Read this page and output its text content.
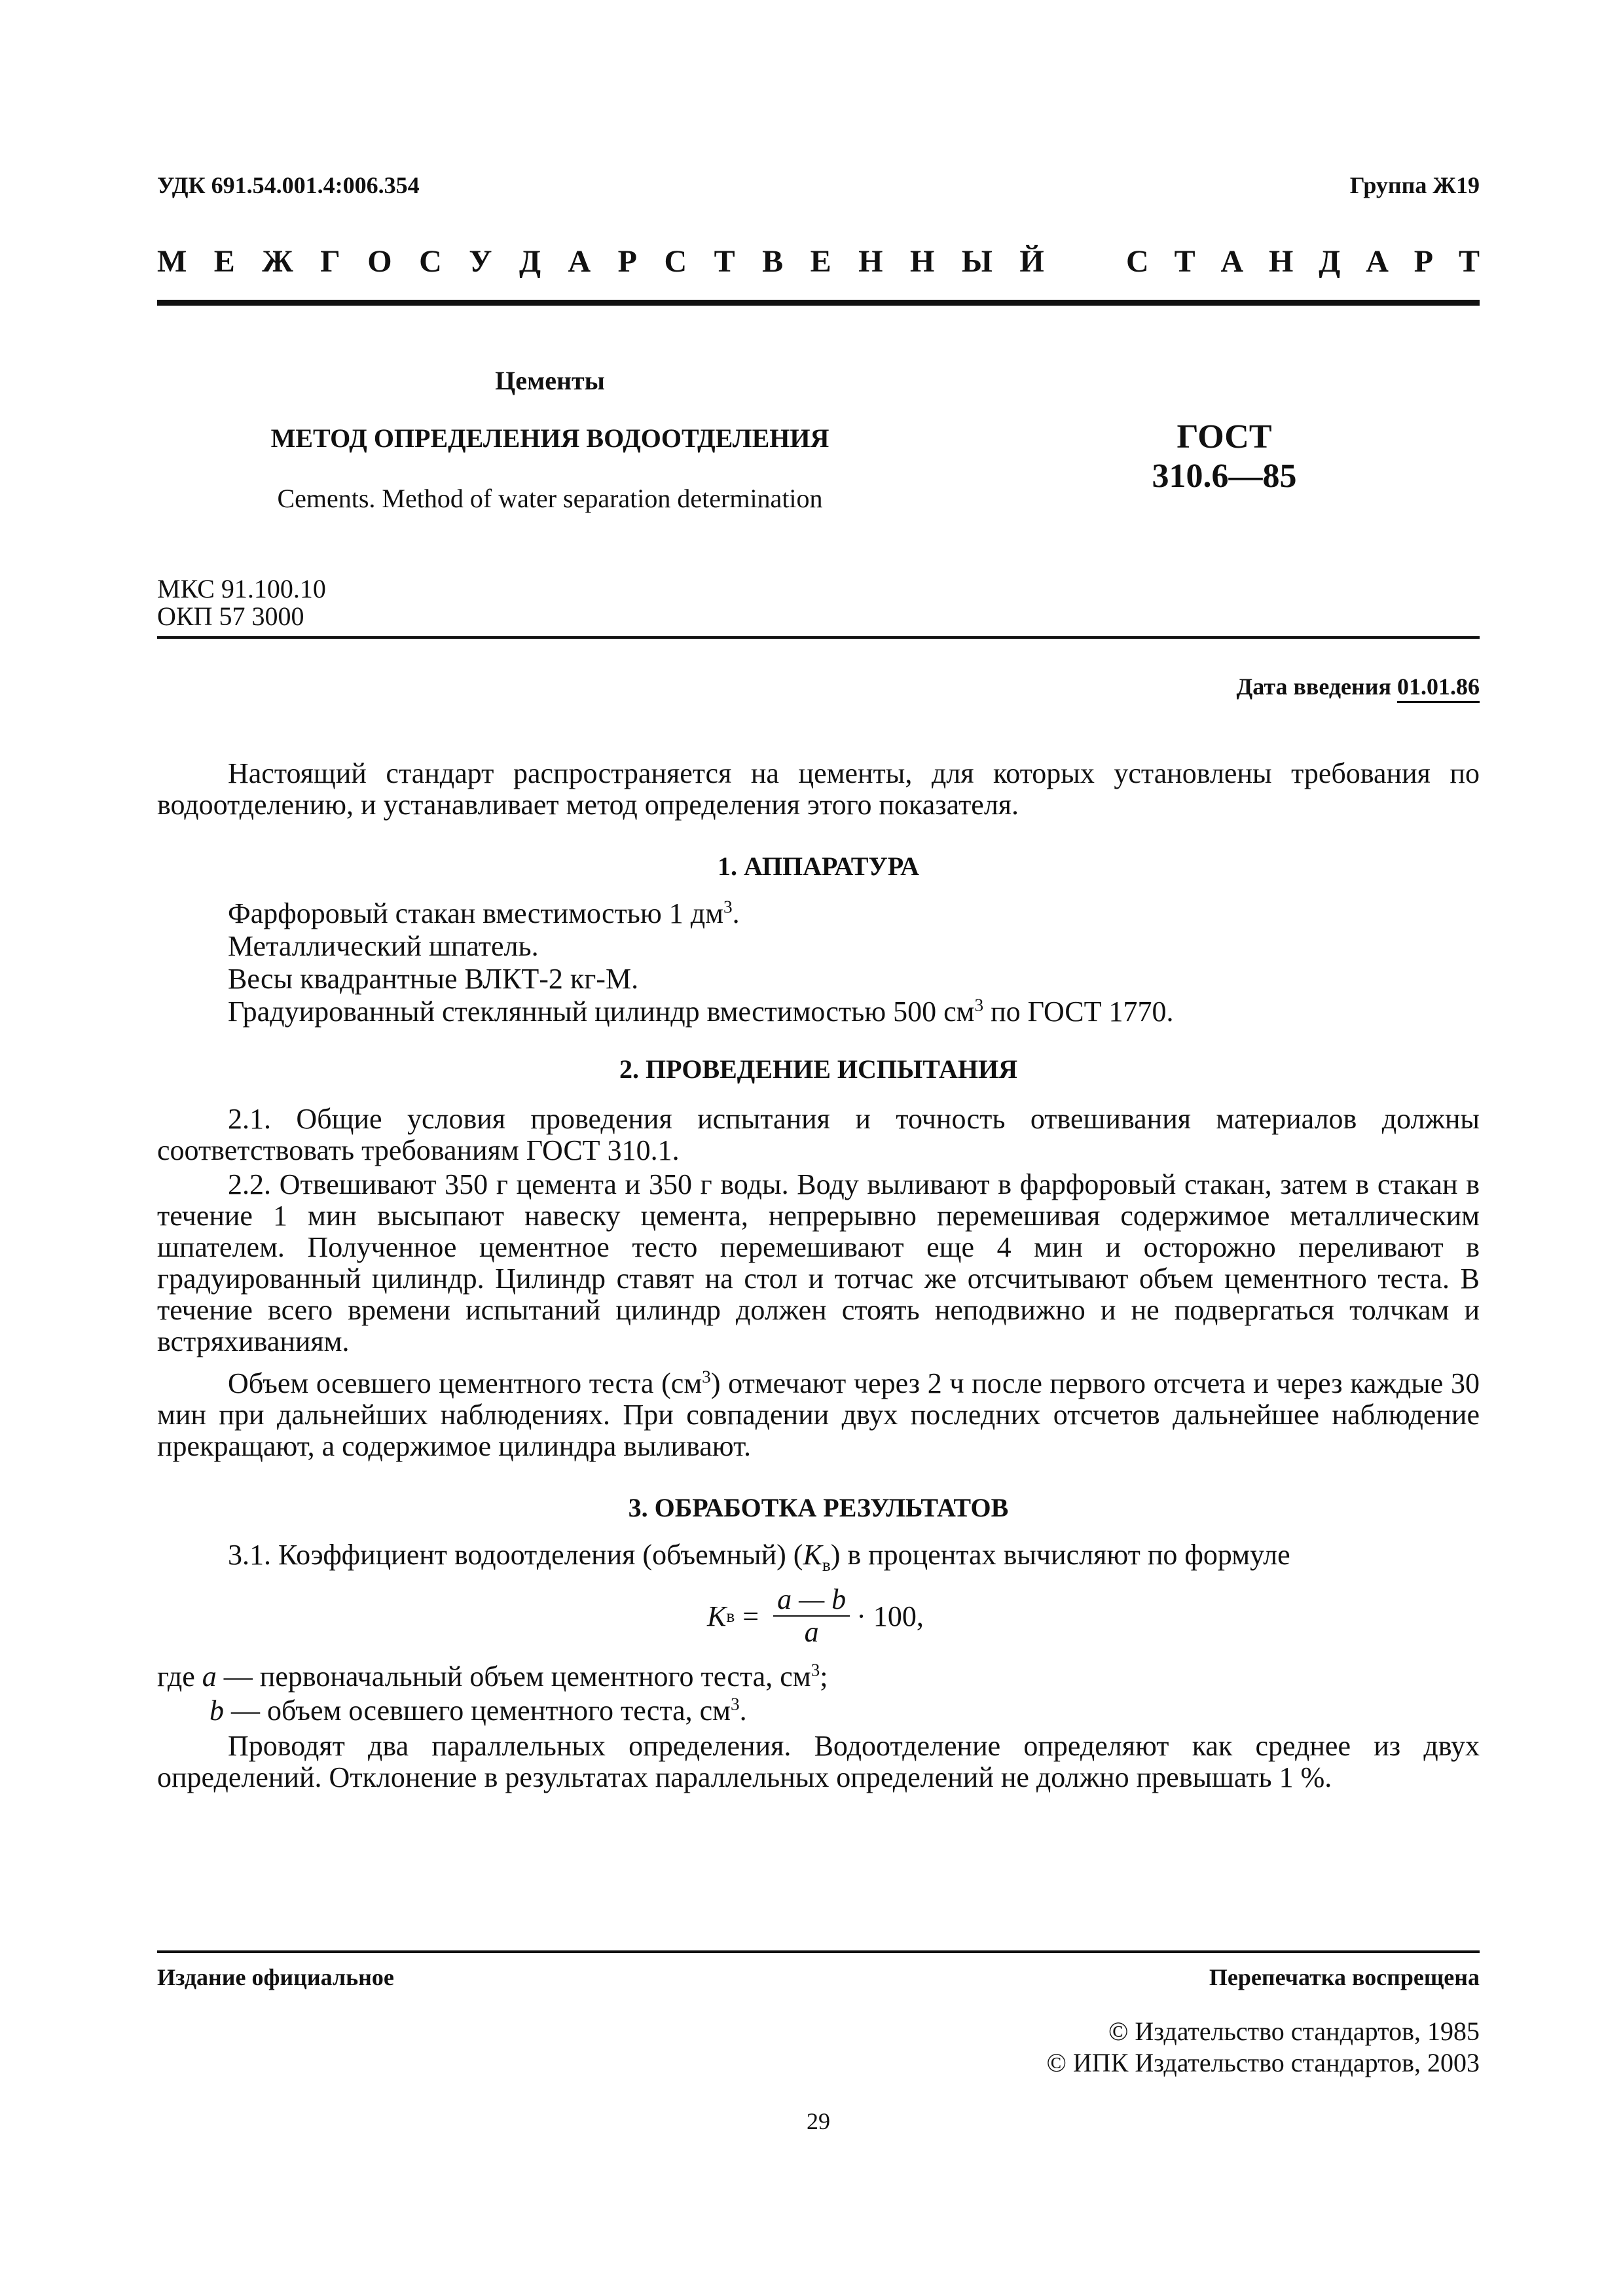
УДК 691.54.001.4:006.354	Группа Ж19
М Е Ж Г О С У Д А Р С Т В Е Н Н Ы Й	С Т А Н Д А Р Т
Цементы
МЕТОД ОПРЕДЕЛЕНИЯ ВОДООТДЕЛЕНИЯ
Cements. Method of water separation determination
ГОСТ
310.6—85
МКС 91.100.10
ОКП 57 3000
Дата введения 01.01.86
Настоящий стандарт распространяется на цементы, для которых установлены требования по водоотделению, и устанавливает метод определения этого показателя.
1. АППАРАТУРА
Фарфоровый стакан вместимостью 1 $дм^3$.
Металлический шпатель.
Весы квадрантные ВЛКТ-2 кг-М.
Градуированный стеклянный цилиндр вместимостью 500 $см^3$ по ГОСТ 1770.
2. ПРОВЕДЕНИЕ ИСПЫТАНИЯ
2.1. Общие условия проведения испытания и точность отвешивания материалов должны соответствовать требованиям ГОСТ 310.1.
2.2. Отвешивают 350 г цемента и 350 г воды. Воду выливают в фарфоровый стакан, затем в стакан в течение 1 мин высыпают навеску цемента, непрерывно перемешивая содержимое металлическим шпателем. Полученное цементное тесто перемешивают еще 4 мин и осторожно переливают в градуированный цилиндр. Цилиндр ставят на стол и тотчас же отсчитывают объем цементного теста. В течение всего времени испытаний цилиндр должен стоять неподвижно и не подвергаться толчкам и встряхиваниям.
Объем осевшего цементного теста $(см^3)$ отмечают через 2 ч после первого отсчета и через каждые 30 мин при дальнейших наблюдениях. При совпадении двух последних отсчетов дальнейшее наблюдение прекращают, а содержимое цилиндра выливают.
3. ОБРАБОТКА РЕЗУЛЬТАТОВ
3.1. Коэффициент водоотделения (объемный) $(K_в)$ в процентах вычисляют по формуле
K $в = \frac{a — b}{a} \cdot 100$,
где a — первоначальный объем цементного теста, $см^3$;
b — объем осевшего цементного теста, $см^3$.
Проводят два параллельных определения. Водоотделение определяют как среднее из двух определений. Отклонение в результатах параллельных определений не должно превышать 1 %.
Издание официальное	Перепечатка воспрещена
© Издательство стандартов, 1985
© ИПК Издательство стандартов, 2003
29
